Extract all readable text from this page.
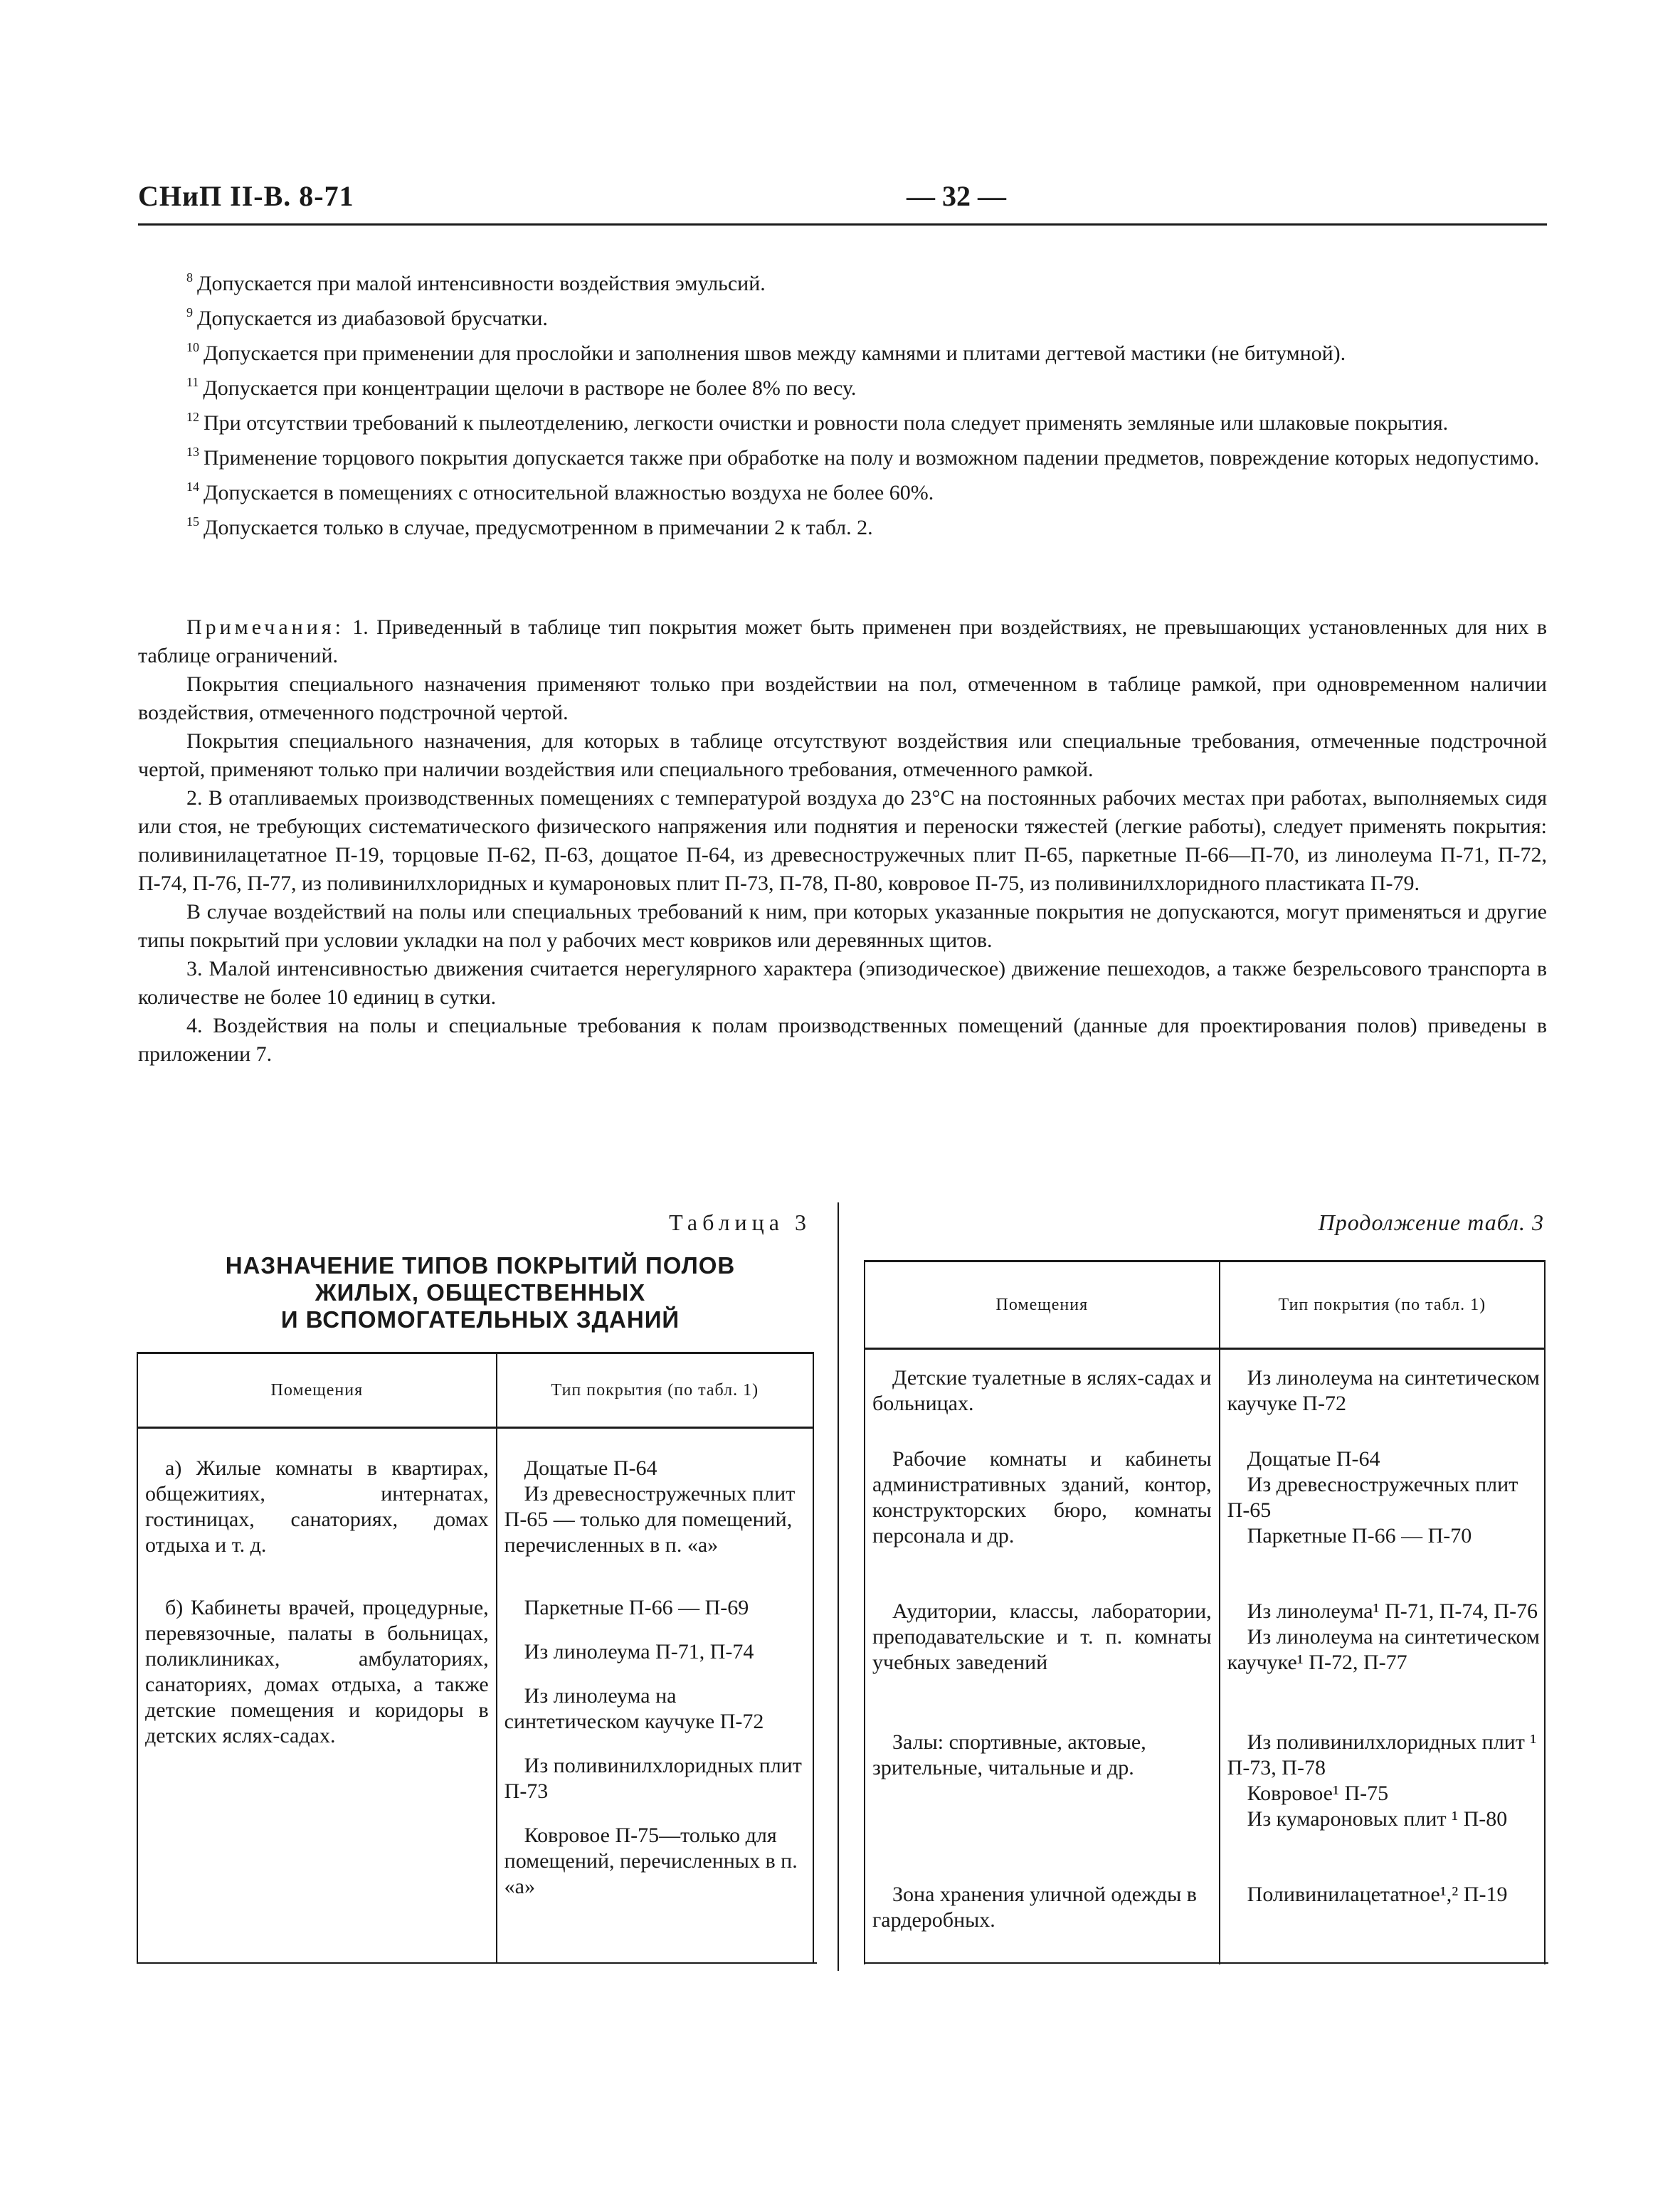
СНиП II-В. 8-71	— 32 —

$^8$ Допускается при малой интенсивности воздействия эмульсий.

$^9$ Допускается из диабазовой брусчатки.

$^{10}$ Допускается при применении для прослойки и заполнения швов между камнями и плитами дегтевой мастики (не битумной).

$^{11}$ Допускается при концентрации щелочи в растворе не более 8% по весу.

$^{12}$ При отсутствии требований к пылеотделению, легкости очистки и ровности пола следует применять земляные или шлаковые покрытия.

$^{13}$ Применение торцового покрытия допускается также при обработке на полу и возможном падении предметов, повреждение которых недопустимо.

$^{14}$ Допускается в помещениях с относительной влажностью воздуха не более 60%.

$^{15}$ Допускается только в случае, предусмотренном в примечании 2 к табл. 2.

Примечания: 1. Приведенный в таблице тип покрытия может быть применен при воздействиях, не превышающих установленных для них в таблице ограничений.

Покрытия специального назначения применяют только при воздействии на пол, отмеченном в таблице рамкой, при одновременном наличии воздействия, отмеченного подстрочной чертой.

Покрытия специального назначения, для которых в таблице отсутствуют воздействия или специальные требования, отмеченные подстрочной чертой, применяют только при наличии воздействия или специального требования, отмеченного рамкой.

2. В отапливаемых производственных помещениях с температурой воздуха до 23°С на постоянных рабочих местах при работах, выполняемых сидя или стоя, не требующих систематического физического напряжения или поднятия и переноски тяжестей (легкие работы), следует применять покрытия: поливинилацетатное П-19, торцовые П-62, П-63, дощатое П-64, из древесностружечных плит П-65, паркетные П-66—П-70, из линолеума П-71, П-72, П-74, П-76, П-77, из поливинилхлоридных и кумароновых плит П-73, П-78, П-80, ковровое П-75, из поливинилхлоридного пластиката П-79.

В случае воздействий на полы или специальных требований к ним, при которых указанные покрытия не допускаются, могут применяться и другие типы покрытий при условии укладки на пол у рабочих мест ковриков или деревянных щитов.

3. Малой интенсивностью движения считается нерегулярного характера (эпизодическое) движение пешеходов, а также безрельсового транспорта в количестве не более 10 единиц в сутки.

4. Воздействия на полы и специальные требования к полам производственных помещений (данные для проектирования полов) приведены в приложении 7.

Таблица 3
НАЗНАЧЕНИЕ ТИПОВ ПОКРЫТИЙ ПОЛОВ
ЖИЛЫХ, ОБЩЕСТВЕННЫХ
И ВСПОМОГАТЕЛЬНЫХ ЗДАНИЙ
Помещения	Тип покрытия (по табл. 1)

а) Жилые комнаты в квартирах, общежитиях, интернатах, гостиницах, санаториях, домах отдыха и т. д.	Дощатые П-64
Из древесностружечных плит П-65 — только для помещений, перечисленных в п. «а»

б) Кабинеты врачей, процедурные, перевязочные, палаты в больницах, поликлиниках, амбулаториях, санаториях, домах отдыха, а также детские помещения и коридоры в детских яслях-садах.	Паркетные П-66 — П-69
Из линолеума П-71, П-74
Из линолеума на синтетическом каучуке П-72
Из поливинилхлоридных плит П-73
Ковровое П-75—только для помещений, перечисленных в п. «а»
Продолжение табл. 3
Помещения	Тип покрытия (по табл. 1)

Детские туалетные в яслях-садах и больницах.	Из линолеума на синтетическом каучуке П-72

Рабочие комнаты и кабинеты административных зданий, контор, конструкторских бюро, комнаты персонала и др.	Дощатые П-64
Из древесностружечных плит П-65
Паркетные П-66 — П-70

Аудитории, классы, лаборатории, преподавательские и т. п. комнаты учебных заведений	Из линолеума¹ П-71, П-74, П-76
Из линолеума на синтетическом каучуке¹ П-72, П-77

Залы: спортивные, актовые, зрительные, читальные и др.	Из поливинилхлоридных плит ¹ П-73, П-78
Ковровое¹ П-75
Из кумароновых плит ¹ П-80

Зона хранения уличной одежды в гардеробных.	Поливинилацетатное¹,² П-19
